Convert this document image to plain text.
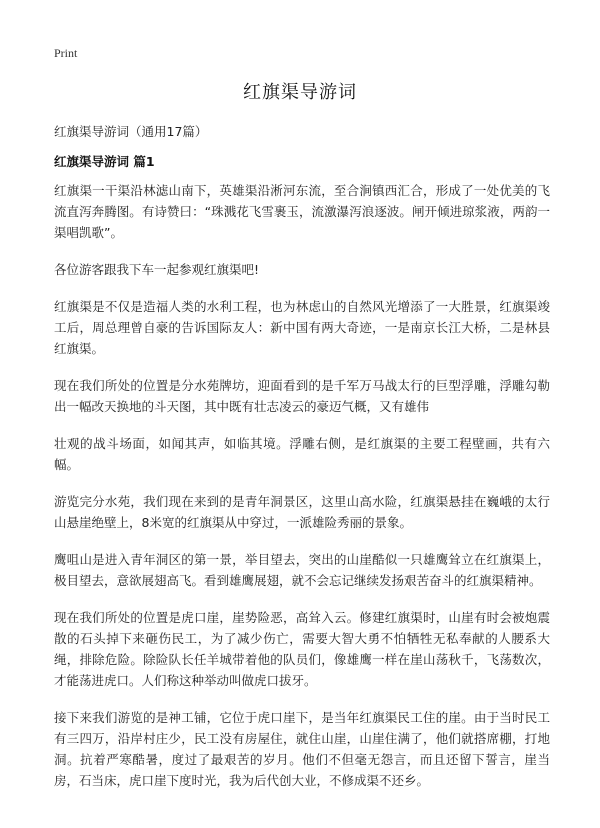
Print
红旗渠导游词
红旗渠导游词（通用17篇）
红旗渠导游词 篇1

红旗渠一干渠沿林滤山南下，英雄渠沿淅河东流，至合涧镇西汇合，形成了一处优美的飞流直泻奔腾图。有诗赞曰：“珠溅花飞雪裹玉，流激瀑泻浪逐波。闸开倾进琼浆液，两韵一渠唱凯歌”。

各位游客跟我下车一起参观红旗渠吧!

红旗渠是不仅是造福人类的水利工程，也为林虑山的自然风光增添了一大胜景，红旗渠竣工后，周总理曾自豪的告诉国际友人：新中国有两大奇迹，一是南京长江大桥，二是林县红旗渠。

现在我们所处的位置是分水苑牌坊，迎面看到的是千军万马战太行的巨型浮雕，浮雕勾勒出一幅改天换地的斗天图，其中既有壮志凌云的豪迈气概，又有雄伟

壮观的战斗场面，如闻其声，如临其境。浮雕右侧，是红旗渠的主要工程壁画，共有六幅。

游览完分水苑，我们现在来到的是青年洞景区，这里山高水险，红旗渠悬挂在巍峨的太行山悬崖绝壁上，8米宽的红旗渠从中穿过，一派雄险秀丽的景象。

鹰咀山是进入青年洞区的第一景，举目望去，突出的山崖酷似一只雄鹰耸立在红旗渠上，极目望去，意欲展翅高飞。看到雄鹰展翅，就不会忘记继续发扬艰苦奋斗的红旗渠精神。

现在我们所处的位置是虎口崖，崖势险恶，高耸入云。修建红旗渠时，山崖有时会被炮震散的石头掉下来砸伤民工，为了减少伤亡，需要大智大勇不怕牺牲无私奉献的人腰系大绳，排除危险。除险队长任羊城带着他的队员们，像雄鹰一样在崖山荡秋千，飞荡数次，才能荡进虎口。人们称这种举动叫做虎口拔牙。

接下来我们游览的是神工铺，它位于虎口崖下，是当年红旗渠民工住的崖。由于当时民工有三四万，沿岸村庄少，民工没有房屋住，就住山崖，山崖住满了，他们就搭席棚，打地洞。抗着严寒酷暑，度过了最艰苦的岁月。他们不但毫无怨言，而且还留下誓言，崖当房，石当床，虎口崖下度时光，我为后代创大业，不修成渠不还乡。
